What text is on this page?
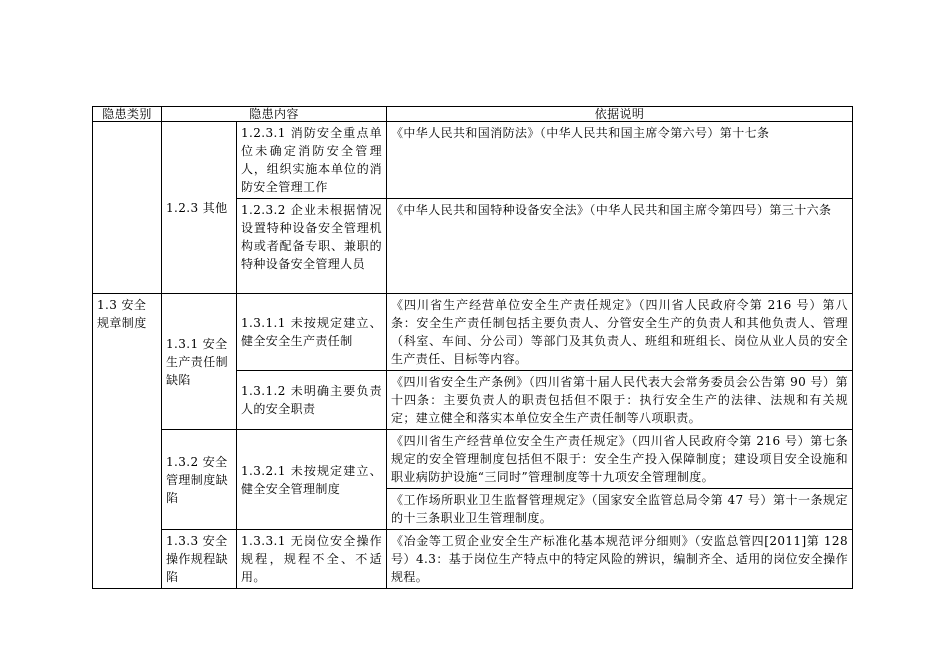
隐患类别	隐患内容		依据说明
	1.2.3 其他	1.2.3.1 消防安全重点单位未确定消防安全管理人，组织实施本单位的消防安全管理工作	《中华人民共和国消防法》（中华人民共和国主席令第六号）第十七条
		1.2.3.2 企业未根据情况设置特种设备安全管理机构或者配备专职、兼职的特种设备安全管理人员	《中华人民共和国特种设备安全法》（中华人民共和国主席令第四号）第三十六条
1.3 安全规章制度	1.3.1 安全生产责任制缺陷	1.3.1.1 未按规定建立、健全安全生产责任制	《四川省生产经营单位安全生产责任规定》（四川省人民政府令第 216 号）第八条：安全生产责任制包括主要负责人、分管安全生产的负责人和其他负责人、管理（科室、车间、分公司）等部门及其负责人、班组和班组长、岗位从业人员的安全生产责任、目标等内容。
		1.3.1.2 未明确主要负责人的安全职责	《四川省安全生产条例》（四川省第十届人民代表大会常务委员会公告第 90 号）第十四条：主要负责人的职责包括但不限于：执行安全生产的法律、法规和有关规定；建立健全和落实本单位安全生产责任制等八项职责。
	1.3.2 安全管理制度缺陷	1.3.2.1 未按规定建立、健全安全管理制度	《四川省生产经营单位安全生产责任规定》（四川省人民政府令第 216 号）第七条规定的安全管理制度包括但不限于：安全生产投入保障制度；建设项目安全设施和职业病防护设施“三同时”管理制度等十九项安全管理制度。
			《工作场所职业卫生监督管理规定》（国家安全监管总局令第 47 号）第十一条规定的十三条职业卫生管理制度。
	1.3.3 安全操作规程缺陷	1.3.3.1 无岗位安全操作规程，规程不全、不适用。	《冶金等工贸企业安全生产标准化基本规范评分细则》（安监总管四[2011]第 128 号）4.3：基于岗位生产特点中的特定风险的辨识，编制齐全、适用的岗位安全操作规程。
